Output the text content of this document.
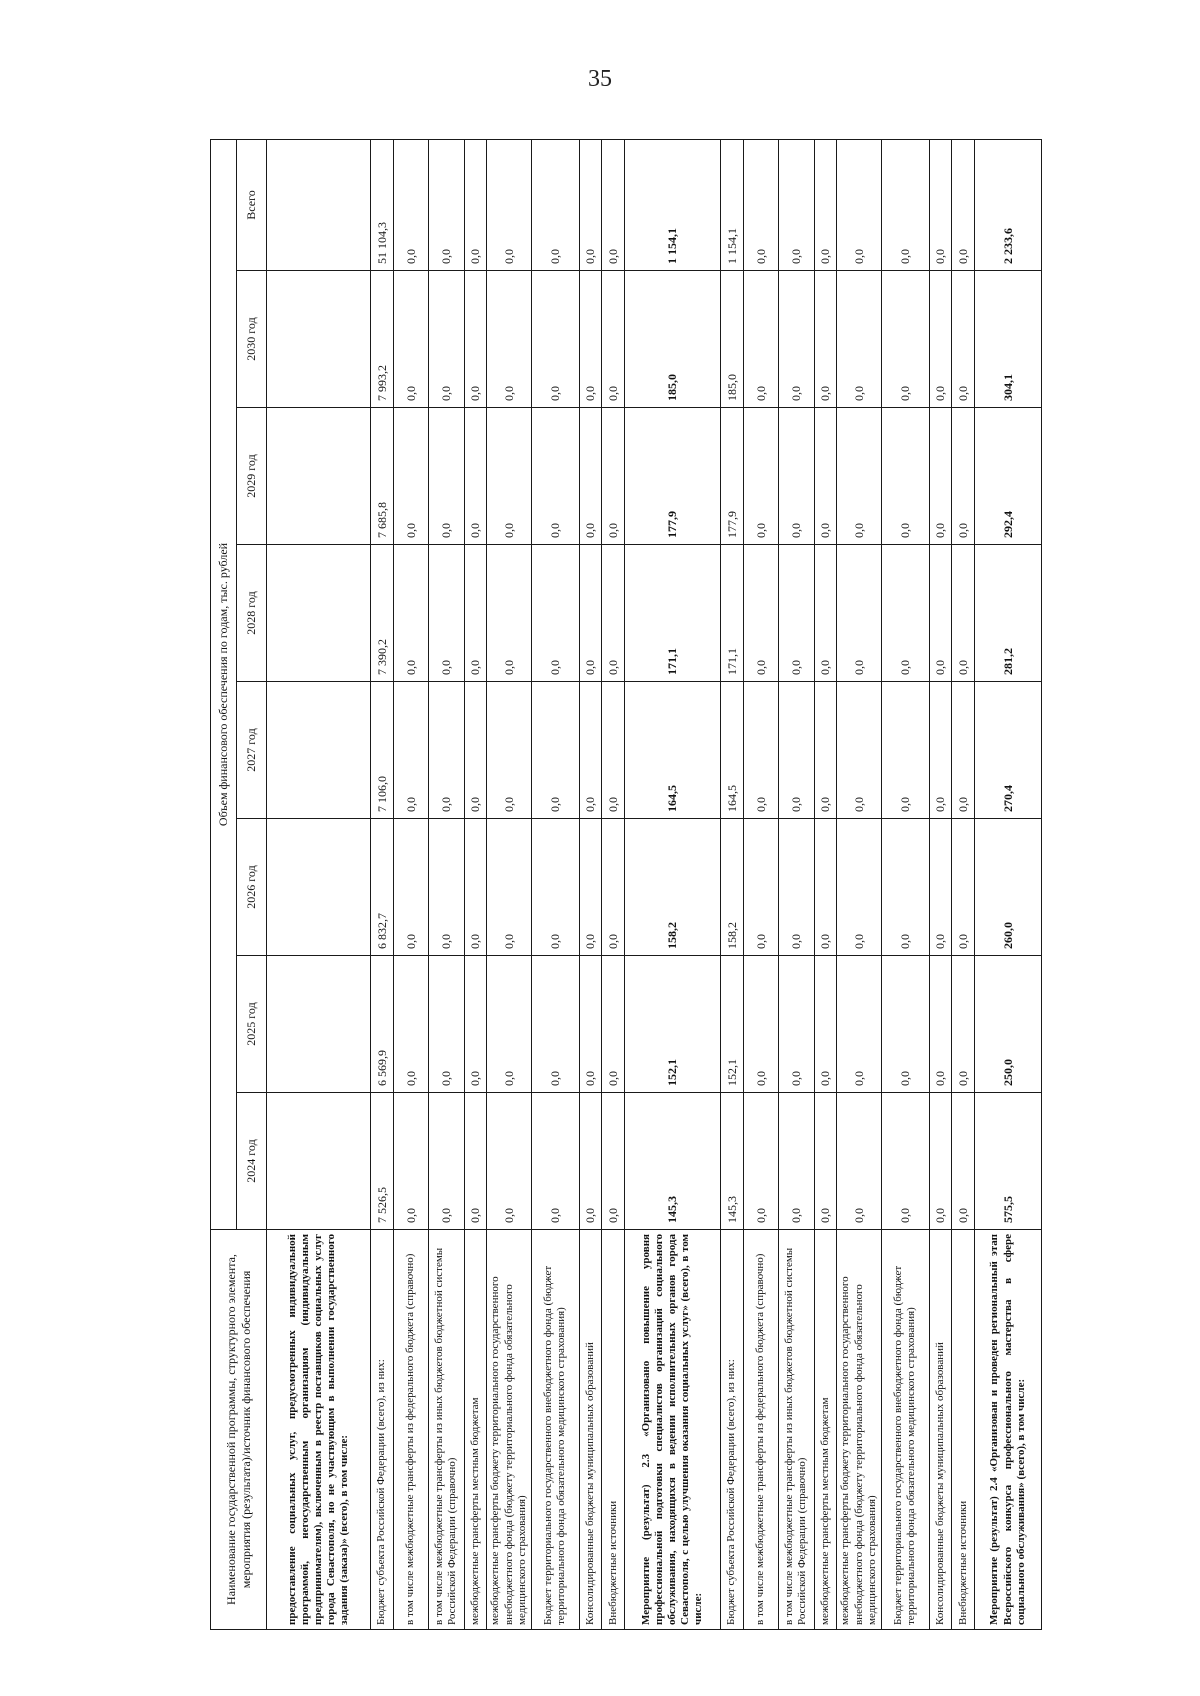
35
Наименование государственной программы, структурного элемента, мероприятия (результата)/источник финансового обеспечения	Объем финансового обеспечения по годам, тыс. рублей							
	2024 год	2025 год	2026 год	2027 год	2028 год	2029 год	2030 год	Всего
предоставление социальных услуг, предусмотренных индивидуальной программой, негосударственным организациям (индивидуальным предпринимателям), включенным в реестр поставщиков социальных услуг города Севастополя, но не участвующим в выполнении государственного задания (заказа)» (всего), в том числе:								
Бюджет субъекта Российской Федерации (всего), из них:	7 526,5	6 569,9	6 832,7	7 106,0	7 390,2	7 685,8	7 993,2	51 104,3
в том числе межбюджетные трансферты из федерального бюджета (справочно)	0,0	0,0	0,0	0,0	0,0	0,0	0,0	0,0
в том числе межбюджетные трансферты из иных бюджетов бюджетной системы Российской Федерации (справочно)	0,0	0,0	0,0	0,0	0,0	0,0	0,0	0,0
межбюджетные трансферты местным бюджетам	0,0	0,0	0,0	0,0	0,0	0,0	0,0	0,0
межбюджетные трансферты бюджету территориального государственного внебюджетного фонда (бюджету территориального фонда обязательного медицинского страхования)	0,0	0,0	0,0	0,0	0,0	0,0	0,0	0,0
Бюджет территориального государственного внебюджетного фонда (бюджет территориального фонда обязательного медицинского страхования)	0,0	0,0	0,0	0,0	0,0	0,0	0,0	0,0
Консолидированные бюджеты муниципальных образований	0,0	0,0	0,0	0,0	0,0	0,0	0,0	0,0
Внебюджетные источники	0,0	0,0	0,0	0,0	0,0	0,0	0,0	0,0
Мероприятие (результат) 2.3 «Организовано повышение уровня профессиональной подготовки специалистов организаций социального обслуживания, находящихся в ведении исполнительных органов города Севастополя, с целью улучшения оказания социальных услуг» (всего), в том числе:	145,3	152,1	158,2	164,5	171,1	177,9	185,0	1 154,1
Бюджет субъекта Российской Федерации (всего), из них:	145,3	152,1	158,2	164,5	171,1	177,9	185,0	1 154,1
в том числе межбюджетные трансферты из федерального бюджета (справочно)	0,0	0,0	0,0	0,0	0,0	0,0	0,0	0,0
в том числе межбюджетные трансферты из иных бюджетов бюджетной системы Российской Федерации (справочно)	0,0	0,0	0,0	0,0	0,0	0,0	0,0	0,0
межбюджетные трансферты местным бюджетам	0,0	0,0	0,0	0,0	0,0	0,0	0,0	0,0
межбюджетные трансферты бюджету территориального государственного внебюджетного фонда (бюджету территориального фонда обязательного медицинского страхования)	0,0	0,0	0,0	0,0	0,0	0,0	0,0	0,0
Бюджет территориального государственного внебюджетного фонда (бюджет территориального фонда обязательного медицинского страхования)	0,0	0,0	0,0	0,0	0,0	0,0	0,0	0,0
Консолидированные бюджеты муниципальных образований	0,0	0,0	0,0	0,0	0,0	0,0	0,0	0,0
Внебюджетные источники	0,0	0,0	0,0	0,0	0,0	0,0	0,0	0,0
Мероприятие (результат) 2.4 «Организован и проведен региональный этап Всероссийского конкурса профессионального мастерства в сфере социального обслуживания» (всего), в том числе:	575,5	250,0	260,0	270,4	281,2	292,4	304,1	2 233,6
